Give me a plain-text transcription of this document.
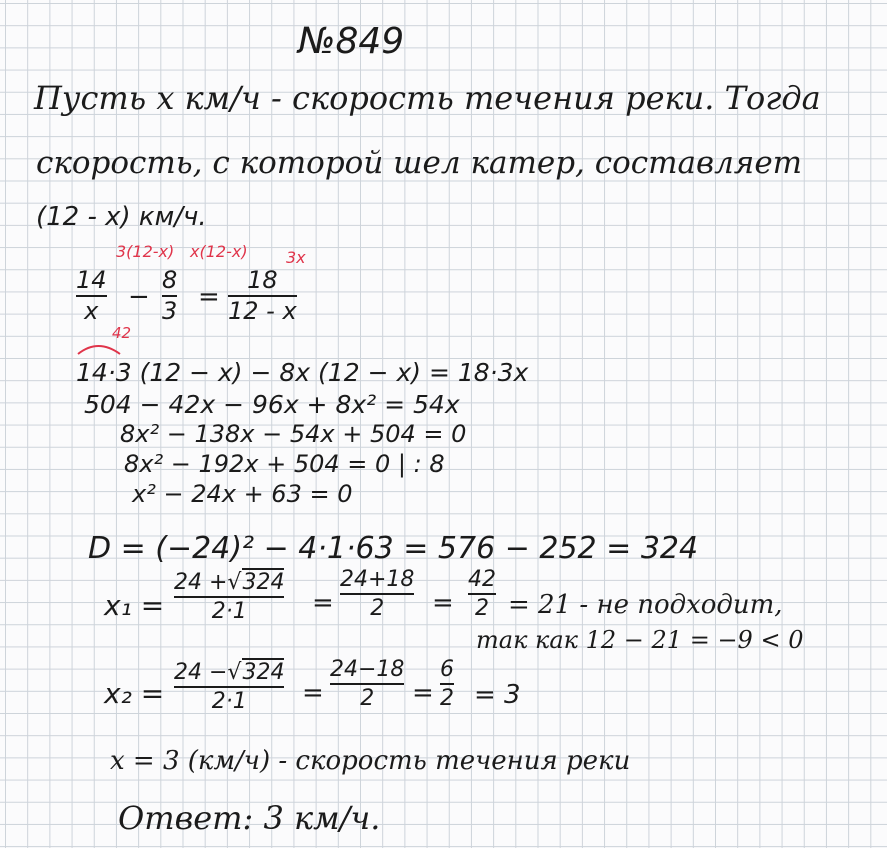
№849
Пусть х км/ч - скорость течения реки. Тогда
скорость, с которой шел катер, составляет
(12 - х) км/ч.
3(12-x) x(12-x) 3x
14
x −
8
3 =
18
12 - x
42
14·3 (12 − x) − 8x (12 − x) = 18·3x
504 − 42x − 96x + 8x² = 54x
8x² − 138x − 54x + 504 = 0
8x² − 192x + 504 = 0 | : 8
x² − 24x + 63 = 0
D = (−24)² − 4·1·63 = 576 − 252 = 324
x₁ =
24 +√324
2·1	=
24+18
2 =
42
2 = 21 - не подходит,
так как 12 − 21 = −9 < 0
x₂ =
24 −√324
2·1 =
24−18
2 =
6
2 = 3
x = 3 (км/ч) - скорость течения реки
Ответ: 3 км/ч.
